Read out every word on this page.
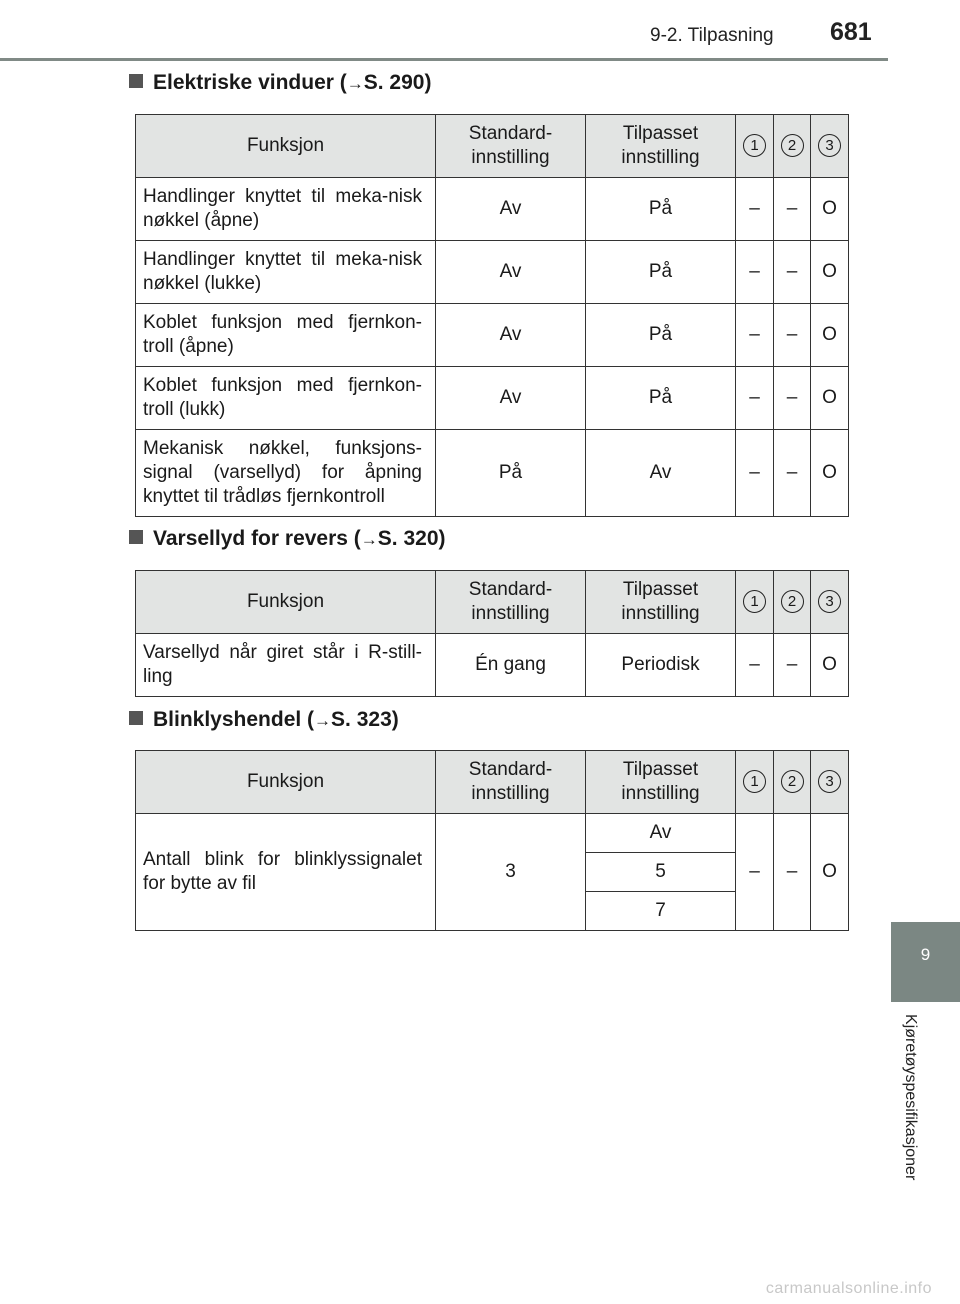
9-2. Tilpasning 681
9
Kjøretøyspesifikasjoner
Elektriske vinduer (→S. 290)
Funksjon	Standard-innstilling	Tilpasset innstilling	1	2	3
Handlinger knyttet til meka-nisk nøkkel (åpne)	Av	På	–	–	O
Handlinger knyttet til meka-nisk nøkkel (lukke)	Av	På	–	–	O
Koblet funksjon med fjernkon-troll (åpne)	Av	På	–	–	O
Koblet funksjon med fjernkon-troll (lukk)	Av	På	–	–	O
Mekanisk nøkkel, funksjons-signal (varsellyd) for åpning knyttet til trådløs fjernkontroll	På	Av	–	–	O
Varsellyd for revers (→S. 320)
Funksjon	Standard-innstilling	Tilpasset innstilling	1	2	3
Varsellyd når giret står i R-still-ling	Én gang	Periodisk	–	–	O
Blinklyshendel (→S. 323)
Funksjon	Standard-innstilling	Tilpasset innstilling	1	2	3
Antall blink for blinklyssignalet for bytte av fil	3	Av	–	–	O
		5			
		7			
carmanualsonline.info
